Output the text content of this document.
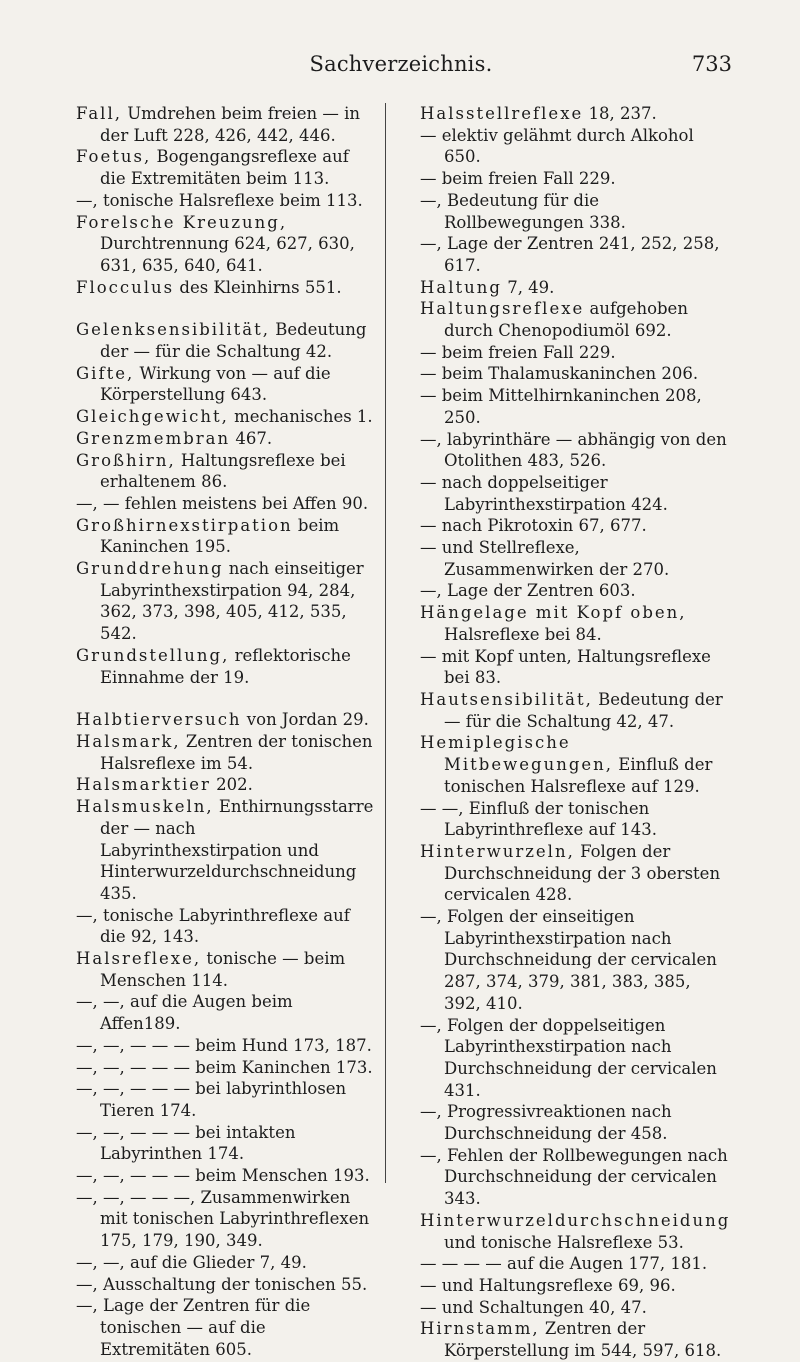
Sachverzeichnis.	733

Fall, Umdrehen beim freien — in der Luft 228, 426, 442, 446.

Foetus, Bogengangsreflexe auf die Extremitäten beim 113.

—, tonische Halsreflexe beim 113.

Forelsche Kreuzung, Durchtrennung 624, 627, 630, 631, 635, 640, 641.

Flocculus des Kleinhirns 551.

Gelenksensibilität, Bedeutung der — für die Schaltung 42.

Gifte, Wirkung von — auf die Körperstellung 643.

Gleichgewicht, mechanisches 1.

Grenzmembran 467.

Großhirn, Haltungsreflexe bei erhaltenem 86.

—, — fehlen meistens bei Affen 90.

Großhirnexstirpation beim Kaninchen 195.

Grunddrehung nach einseitiger Labyrinthexstirpation 94, 284, 362, 373, 398, 405, 412, 535, 542.

Grundstellung, reflektorische Einnahme der 19.

Halbtierversuch von Jordan 29.

Halsmark, Zentren der tonischen Halsreflexe im 54.

Halsmarktier 202.

Halsmuskeln, Enthirnungsstarre der — nach Labyrinthexstirpation und Hinterwurzeldurchschneidung 435.

—, tonische Labyrinthreflexe auf die 92, 143.

Halsreflexe, tonische — beim Menschen 114.

—, —, auf die Augen beim Affen189.

—, —, — — — beim Hund 173, 187.

—, —, — — — beim Kaninchen 173.

—, —, — — — bei labyrinthlosen Tieren 174.

—, —, — — — bei intakten Labyrinthen 174.

—, —, — — — beim Menschen 193.

—, —, — — —, Zusammenwirken mit tonischen Labyrinthreflexen 175, 179, 190, 349.

—, —, auf die Glieder 7, 49.

—, Ausschaltung der tonischen 55.

—, Lage der Zentren für die tonischen — auf die Extremitäten 605.

Halsstellreflexe 18, 237.

— elektiv gelähmt durch Alkohol 650.

— beim freien Fall 229.

—, Bedeutung für die Rollbewegungen 338.

—, Lage der Zentren 241, 252, 258, 617.

Haltung 7, 49.

Haltungsreflexe aufgehoben durch Chenopodiumöl 692.

— beim freien Fall 229.

— beim Thalamuskaninchen 206.

— beim Mittelhirnkaninchen 208, 250.

—, labyrinthäre — abhängig von den Otolithen 483, 526.

— nach doppelseitiger Labyrinthexstirpation 424.

— nach Pikrotoxin 67, 677.

— und Stellreflexe, Zusammenwirken der 270.

—, Lage der Zentren 603.

Hängelage mit Kopf oben, Halsreflexe bei 84.

— mit Kopf unten, Haltungsreflexe bei 83.

Hautsensibilität, Bedeutung der — für die Schaltung 42, 47.

Hemiplegische Mitbewegungen, Einfluß der tonischen Halsreflexe auf 129.

— —, Einfluß der tonischen Labyrinthreflexe auf 143.

Hinterwurzeln, Folgen der Durchschneidung der 3 obersten cervicalen 428.

—, Folgen der einseitigen Labyrinthexstirpation nach Durchschneidung der cervicalen 287, 374, 379, 381, 383, 385, 392, 410.

—, Folgen der doppelseitigen Labyrinthexstirpation nach Durchschneidung der cervicalen 431.

—, Progressivreaktionen nach Durchschneidung der 458.

—, Fehlen der Rollbewegungen nach Durchschneidung der cervicalen 343.

Hinterwurzeldurchschneidung und tonische Halsreflexe 53.

— — — — auf die Augen 177, 181.

— und Haltungsreflexe 69, 96.

— und Schaltungen 40, 47.

Hirnstamm, Zentren der Körperstellung im 544, 597, 618.
